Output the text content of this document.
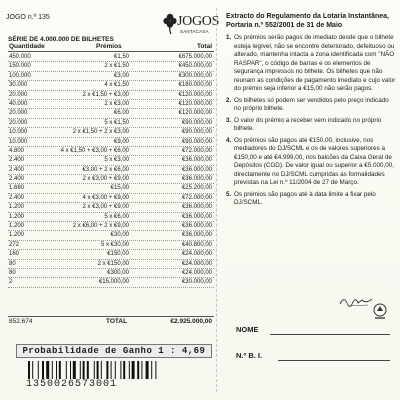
JOGO n.º 135	JOGOS
SANTACASA
SÉRIE DE 4.000.000 DE BILHETES
Quantidade	Prémios	Total
450.000	€1,50	€675.000,00
150.000	2 x €1,50	€450.000,00
100.000	€3,00	€300.000,00
30.000	4 x €1,50	€180.000,00
20.000	2 x €1,50 + €3,00	€120.000,00
40.000	2 x €3,00	€120.000,00
20.000	€6,00	€120.000,00
20.000	5 x €1,50	€90.000,00
10.000	2 x €1,50 + 2 x €3,00	€90.000,00
10.000	€9,00	€90.000,00
4.800	4 x €1,50 + €3,00 + €6,00	€72.000,00
2.400	5 x €3,00	€36.000,00
2.400	€3,00 + 2 x €6,00	€36.000,00
2.400	2 x €3,00 + €9,00	€36.000,00
1.680	€15,00	€25.200,00
2.400	4 x €3,00 + €9,00	€72.000,00
1.200	2 x €3,00 + €9,00	€36.000,00
1.200	5 x €6,00	€36.000,00
1.200	2 x €6,00 + 2 x €9,00	€36.000,00
1.200	€30,00	€36.000,00
272	5 x €30,00	€40.800,00
160	€150,00	€24.000,00
80	2 x €150,00	€24.000,00
80	€300,00	€24.000,00
2	€15.000,00	€30.000,00
852.674	TOTAL	€2.925.000,00
Probabilidade de Ganho 1 : 4,69
1350026573001
Extracto do Regulamento da Lotaria Instantânea,
Portaria n.º 552/2001 de 31 de Maio
1. Os prémios serão pagos de imediato desde que o bilhete esteja legível, não se encontre deteriorado, defeituoso ou alterado, mantenha intacta a zona identificada com "NÃO RASPAR", o código de barras e os elementos de segurança impressos no bilhete. Os bilhetes que não reunam as condições de pagamento imediato e cujo valor do prémio seja inferior a €15,00 não serão pagos.
2. Os bilhetes só podem ser vendidos pelo preço indicado no próprio bilhete.
3. O valor do prémio a receber vem indicado no próprio bilhete.
4. Os prémios são pagos até €150,00, inclusive, nos mediadores do DJ/SCML e os de valores superiores a €150,00 e até €4.999,00, nos balcões da Caixa Geral de Depósitos (CGD). De valor igual ou superior a €5.000,00, directamente no DJ/SCML cumpridas as formalidades previstas na Lei n.º 11/2004 de 27 de Março.
5. Os prémios são pagos até à data limite a fixar pelo DJ/SCML.
NOME
N.º B. I.
